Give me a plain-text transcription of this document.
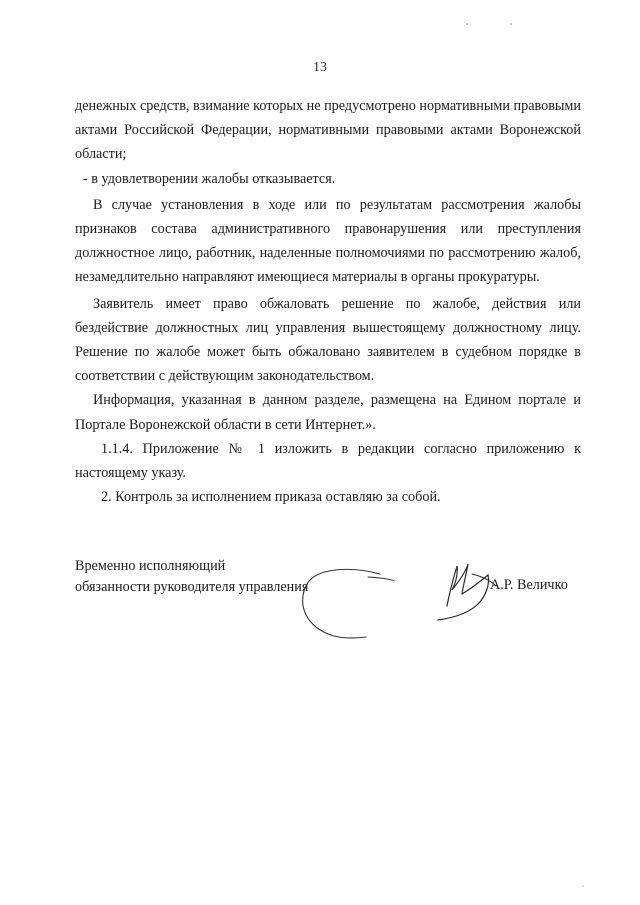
13

денежных средств, взимание которых не предусмотрено нормативными правовыми актами Российской Федерации, нормативными правовыми актами Воронежской области;

- в удовлетворении жалобы отказывается.

В случае установления в ходе или по результатам рассмотрения жалобы признаков состава административного правонарушения или преступления должностное лицо, работник, наделенные полномочиями по рассмотрению жалоб, незамедлительно направляют имеющиеся материалы в органы прокуратуры.

Заявитель имеет право обжаловать решение по жалобе, действия или бездействие должностных лиц управления вышестоящему должностному лицу. Решение по жалобе может быть обжаловано заявителем в судебном порядке в соответствии с действующим законодательством.

Информация, указанная в данном разделе, размещена на Едином портале и Портале Воронежской области в сети Интернет.».

1.1.4. Приложение № 1 изложить в редакции согласно приложению к настоящему указу.

2. Контроль за исполнением приказа оставляю за собой.

Временно исполняющий
обязанности руководителя управления	А.Р. Величко
